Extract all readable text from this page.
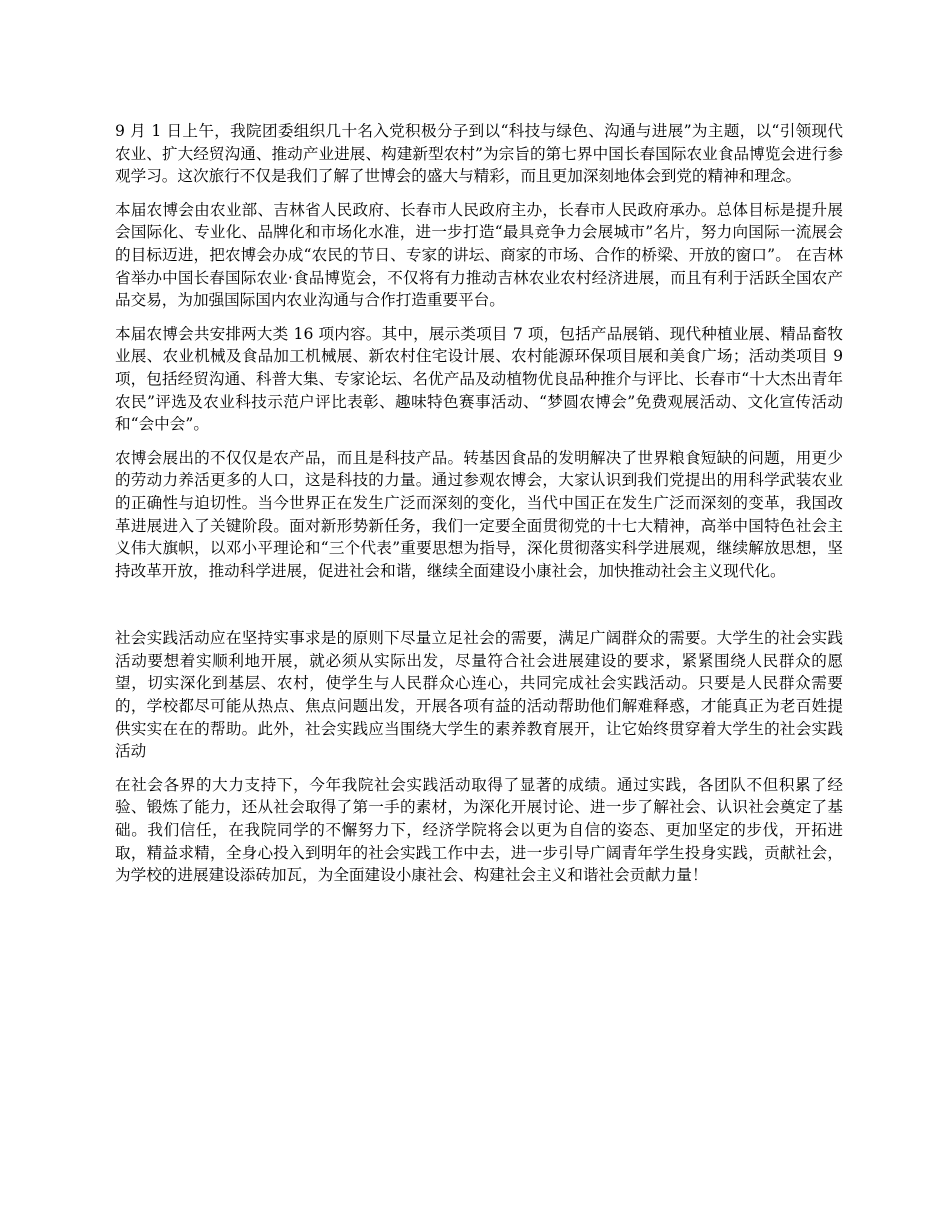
9 月 1 日上午，我院团委组织几十名入党积极分子到以“科技与绿色、沟通与进展”为主题，以“引领现代农业、扩大经贸沟通、推动产业进展、构建新型农村”为宗旨的第七界中国长春国际农业食品博览会进行参观学习。这次旅行不仅是我们了解了世博会的盛大与精彩，而且更加深刻地体会到党的精神和理念。

本届农博会由农业部、吉林省人民政府、长春市人民政府主办，长春市人民政府承办。总体目标是提升展会国际化、专业化、品牌化和市场化水准，进一步打造“最具竞争力会展城市”名片，努力向国际一流展会的目标迈进，把农博会办成“农民的节日、专家的讲坛、商家的市场、合作的桥梁、开放的窗口”。 在吉林省举办中国长春国际农业·食品博览会，不仅将有力推动吉林农业农村经济进展，而且有利于活跃全国农产品交易，为加强国际国内农业沟通与合作打造重要平台。

本届农博会共安排两大类 16 项内容。其中，展示类项目 7 项，包括产品展销、现代种植业展、精品畜牧业展、农业机械及食品加工机械展、新农村住宅设计展、农村能源环保项目展和美食广场；活动类项目 9 项，包括经贸沟通、科普大集、专家论坛、名优产品及动植物优良品种推介与评比、长春市“十大杰出青年农民”评选及农业科技示范户评比表彰、趣味特色赛事活动、“梦圆农博会”免费观展活动、文化宣传活动和“会中会”。

农博会展出的不仅仅是农产品，而且是科技产品。转基因食品的发明解决了世界粮食短缺的问题，用更少的劳动力养活更多的人口，这是科技的力量。通过参观农博会，大家认识到我们党提出的用科学武装农业的正确性与迫切性。当今世界正在发生广泛而深刻的变化，当代中国正在发生广泛而深刻的变革，我国改革进展进入了关键阶段。面对新形势新任务，我们一定要全面贯彻党的十七大精神，高举中国特色社会主义伟大旗帜，以邓小平理论和“三个代表”重要思想为指导，深化贯彻落实科学进展观，继续解放思想，坚持改革开放，推动科学进展，促进社会和谐，继续全面建设小康社会，加快推动社会主义现代化。

社会实践活动应在坚持实事求是的原则下尽量立足社会的需要，满足广阔群众的需要。大学生的社会实践活动要想着实顺利地开展，就必须从实际出发，尽量符合社会进展建设的要求，紧紧围绕人民群众的愿望，切实深化到基层、农村，使学生与人民群众心连心，共同完成社会实践活动。只要是人民群众需要的，学校都尽可能从热点、焦点问题出发，开展各项有益的活动帮助他们解难释惑，才能真正为老百姓提供实实在在的帮助。此外，社会实践应当围绕大学生的素养教育展开，让它始终贯穿着大学生的社会实践活动

在社会各界的大力支持下，今年我院社会实践活动取得了显著的成绩。通过实践，各团队不但积累了经验、锻炼了能力，还从社会取得了第一手的素材，为深化开展讨论、进一步了解社会、认识社会奠定了基础。我们信任，在我院同学的不懈努力下，经济学院将会以更为自信的姿态、更加坚定的步伐，开拓进取，精益求精，全身心投入到明年的社会实践工作中去，进一步引导广阔青年学生投身实践，贡献社会，为学校的进展建设添砖加瓦，为全面建设小康社会、构建社会主义和谐社会贡献力量！
